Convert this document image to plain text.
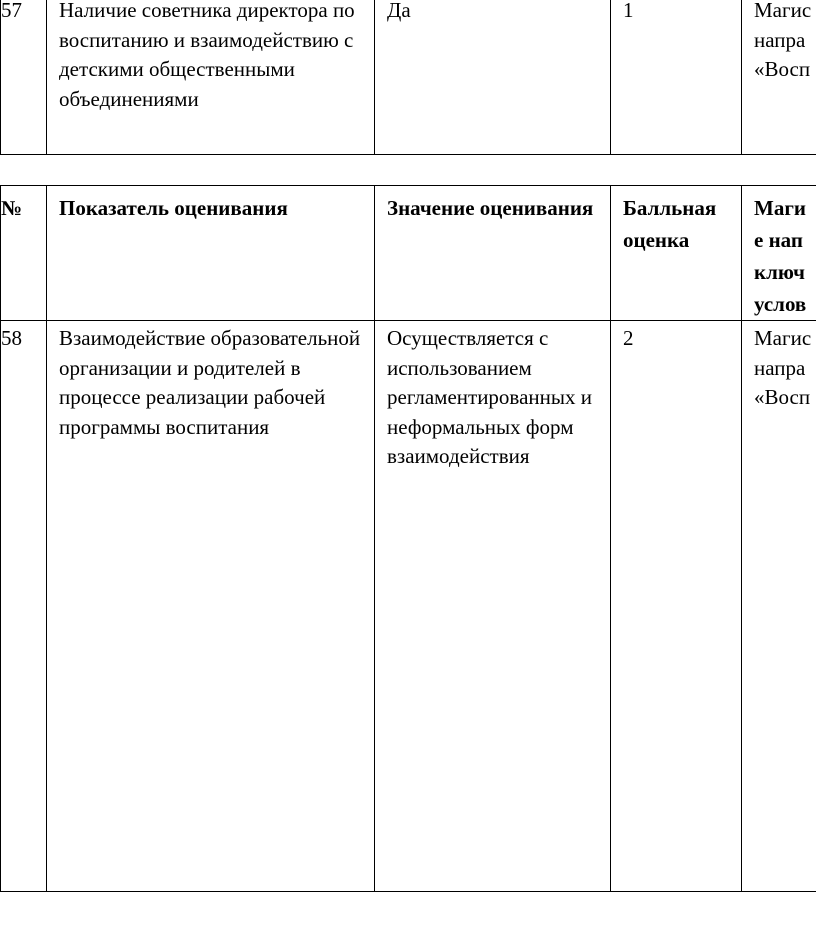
57	Наличие советника директора по воспитанию и взаимодействию с детскими общественными объединениями	Да	1	Магис
напра
«Восп
№	Показатель оценивания	Значение оценивания	Балльная оценка	Маги
е нап
ключ
услов

58	Взаимодействие образовательной организации и родителей в процессе реализации рабочей программы воспитания	Осуществляется с использованием регламентированных и неформальных форм взаимодействия	2	Магис
напра
«Восп
